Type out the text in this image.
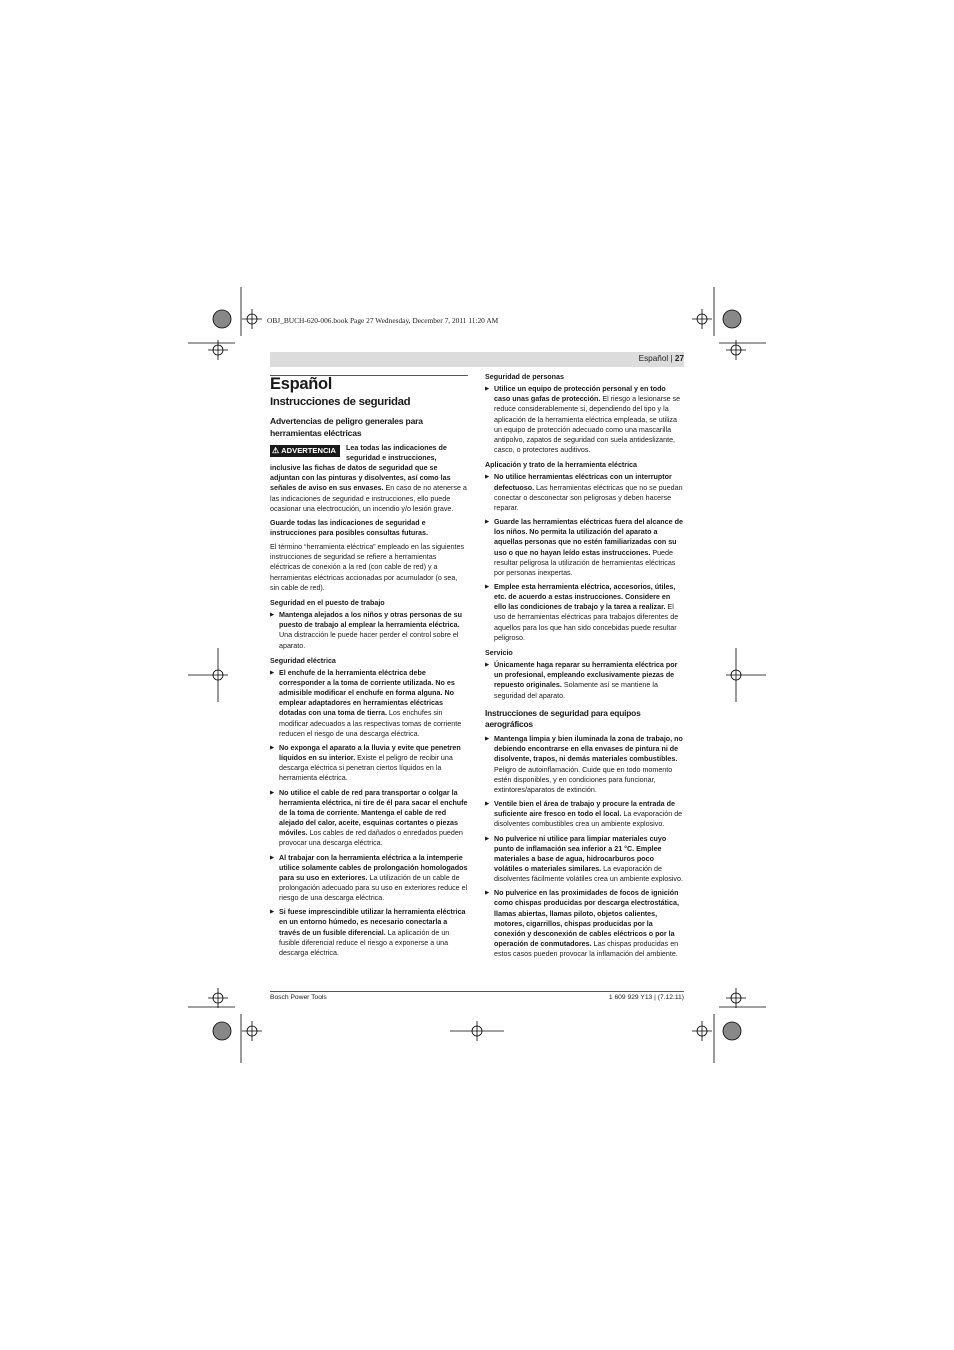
OBJ_BUCH-620-006.book Page 27 Wednesday, December 7, 2011 11:20 AM
Español | 27
Español
Instrucciones de seguridad
Advertencias de peligro generales para herramientas eléctricas

⚠ ADVERTENCIA	Lea todas las indicaciones de seguridad e instrucciones, inclusive las fichas de datos de seguridad que se adjuntan con las pinturas y disolventes, así como las señales de aviso en sus envases. En caso de no atenerse a las indicaciones de seguridad e instrucciones, ello puede ocasionar una electrocución, un incendio y/o lesión grave.

Guarde todas las indicaciones de seguridad e instrucciones para posibles consultas futuras.

El término “herramienta eléctrica” empleado en las siguientes instrucciones de seguridad se refiere a herramientas eléctricas de conexión a la red (con cable de red) y a herramientas eléctricas accionadas por acumulador (o sea, sin cable de red).

Seguridad en el puesto de trabajo
▶ Mantenga alejados a los niños y otras personas de su puesto de trabajo al emplear la herramienta eléctrica. Una distracción le puede hacer perder el control sobre el aparato.
Seguridad eléctrica
▶ El enchufe de la herramienta eléctrica debe corresponder a la toma de corriente utilizada. No es admisible modificar el enchufe en forma alguna. No emplear adaptadores en herramientas eléctricas dotadas con una toma de tierra. Los enchufes sin modificar adecuados a las respectivas tomas de corriente reducen el riesgo de una descarga eléctrica.
▶ No exponga el aparato a la lluvia y evite que penetren líquidos en su interior. Existe el peligro de recibir una descarga eléctrica si penetran ciertos líquidos en la herramienta eléctrica.
▶ No utilice el cable de red para transportar o colgar la herramienta eléctrica, ni tire de él para sacar el enchufe de la toma de corriente. Mantenga el cable de red alejado del calor, aceite, esquinas cortantes o piezas móviles. Los cables de red dañados o enredados pueden provocar una descarga eléctrica.
▶ Al trabajar con la herramienta eléctrica a la intemperie utilice solamente cables de prolongación homologados para su uso en exteriores. La utilización de un cable de prolongación adecuado para su uso en exteriores reduce el riesgo de una descarga eléctrica.
▶ Si fuese imprescindible utilizar la herramienta eléctrica en un entorno húmedo, es necesario conectarla a través de un fusible diferencial. La aplicación de un fusible diferencial reduce el riesgo a exponerse a una descarga eléctrica.
Seguridad de personas
▶ Utilice un equipo de protección personal y en todo caso unas gafas de protección. El riesgo a lesionarse se reduce considerablemente si, dependiendo del tipo y la aplicación de la herramienta eléctrica empleada, se utiliza un equipo de protección adecuado como una mascarilla antipolvo, zapatos de seguridad con suela antideslizante, casco, o protectores auditivos.
Aplicación y trato de la herramienta eléctrica
▶ No utilice herramientas eléctricas con un interruptor defectuoso. Las herramientas eléctricas que no se puedan conectar o desconectar son peligrosas y deben hacerse reparar.
▶ Guarde las herramientas eléctricas fuera del alcance de los niños. No permita la utilización del aparato a aquellas personas que no estén familiarizadas con su uso o que no hayan leído estas instrucciones. Puede resultar peligrosa la utilización de herramientas eléctricas por personas inexpertas.
▶ Emplee esta herramienta eléctrica, accesorios, útiles, etc. de acuerdo a estas instrucciones. Considere en ello las condiciones de trabajo y la tarea a realizar. El uso de herramientas eléctricas para trabajos diferentes de aquellos para los que han sido concebidas puede resultar peligroso.
Servicio
▶ Únicamente haga reparar su herramienta eléctrica por un profesional, empleando exclusivamente piezas de repuesto originales. Solamente así se mantiene la seguridad del aparato.
Instrucciones de seguridad para equipos aerográficos
▶ Mantenga limpia y bien iluminada la zona de trabajo, no debiendo encontrarse en ella envases de pintura ni de disolvente, trapos, ni demás materiales combustibles. Peligro de autoinflamación. Cuide que en todo momento estén disponibles, y en condiciones para funcionar, extintores/aparatos de extinción.
▶ Ventile bien el área de trabajo y procure la entrada de suficiente aire fresco en todo el local. La evaporación de disolventes combustibles crea un ambiente explosivo.
▶ No pulverice ni utilice para limpiar materiales cuyo punto de inflamación sea inferior a 21 °C. Emplee materiales a base de agua, hidrocarburos poco volátiles o materiales similares. La evaporación de disolventes fácilmente volátiles crea un ambiente explosivo.
▶ No pulverice en las proximidades de focos de ignición como chispas producidas por descarga electrostática, llamas abiertas, llamas piloto, objetos calientes, motores, cigarrillos, chispas producidas por la conexión y desconexión de cables eléctricos o por la operación de conmutadores. Las chispas producidas en estos casos pueden provocar la inflamación del ambiente.
Bosch Power Tools	1 609 929 Y13 | (7.12.11)
